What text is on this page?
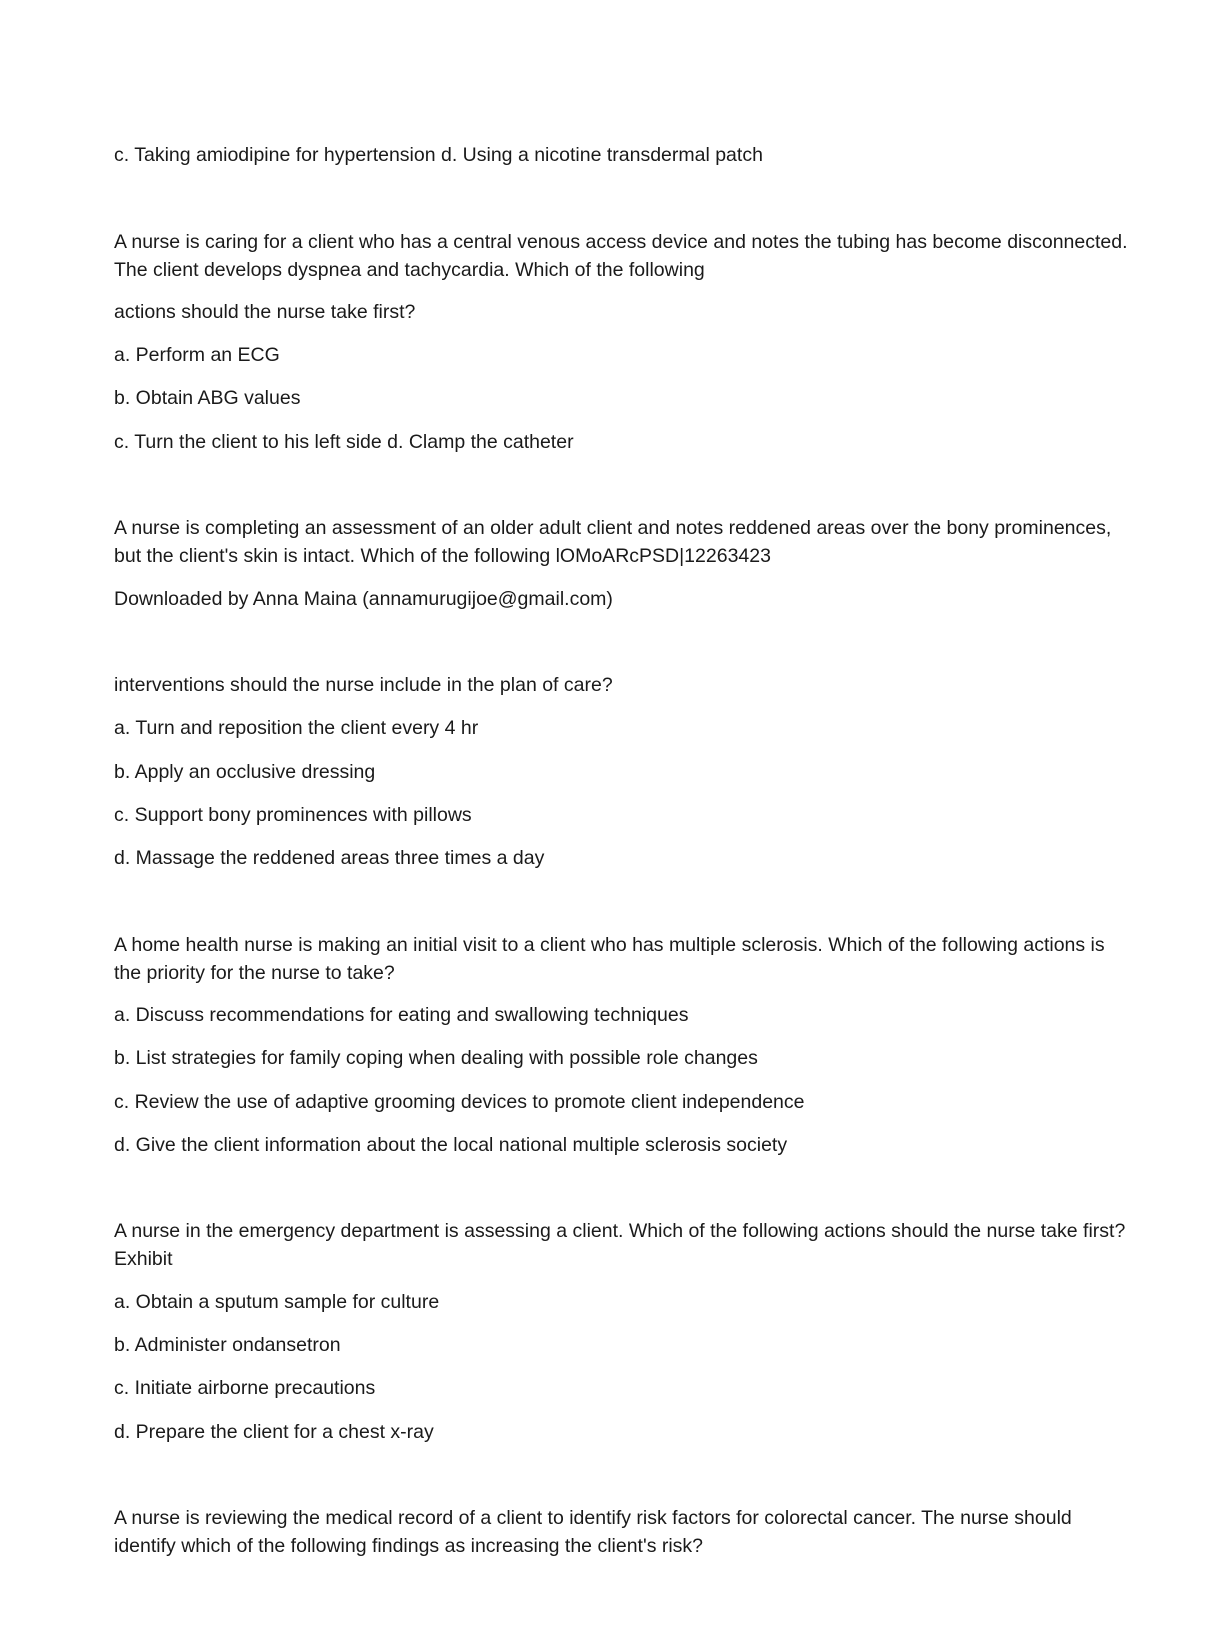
c. Taking amiodipine for hypertension d. Using a nicotine transdermal patch

A nurse is caring for a client who has a central venous access device and notes the tubing has become disconnected. The client develops dyspnea and tachycardia. Which of the following

actions should the nurse take first?

a. Perform an ECG

b. Obtain ABG values

c. Turn the client to his left side d. Clamp the catheter

A nurse is completing an assessment of an older adult client and notes reddened areas over the bony prominences, but the client's skin is intact. Which of the following lOMoARcPSD|12263423

Downloaded by Anna Maina (annamurugijoe@gmail.com)

interventions should the nurse include in the plan of care?

a. Turn and reposition the client every 4 hr

b. Apply an occlusive dressing

c. Support bony prominences with pillows

d. Massage the reddened areas three times a day

A home health nurse is making an initial visit to a client who has multiple sclerosis. Which of the following actions is the priority for the nurse to take?

a. Discuss recommendations for eating and swallowing techniques

b. List strategies for family coping when dealing with possible role changes

c. Review the use of adaptive grooming devices to promote client independence

d. Give the client information about the local national multiple sclerosis society

A nurse in the emergency department is assessing a client. Which of the following actions should the nurse take first? Exhibit

a. Obtain a sputum sample for culture

b. Administer ondansetron

c. Initiate airborne precautions

d. Prepare the client for a chest x-ray

A nurse is reviewing the medical record of a client to identify risk factors for colorectal cancer. The nurse should identify which of the following findings as increasing the client's risk?
